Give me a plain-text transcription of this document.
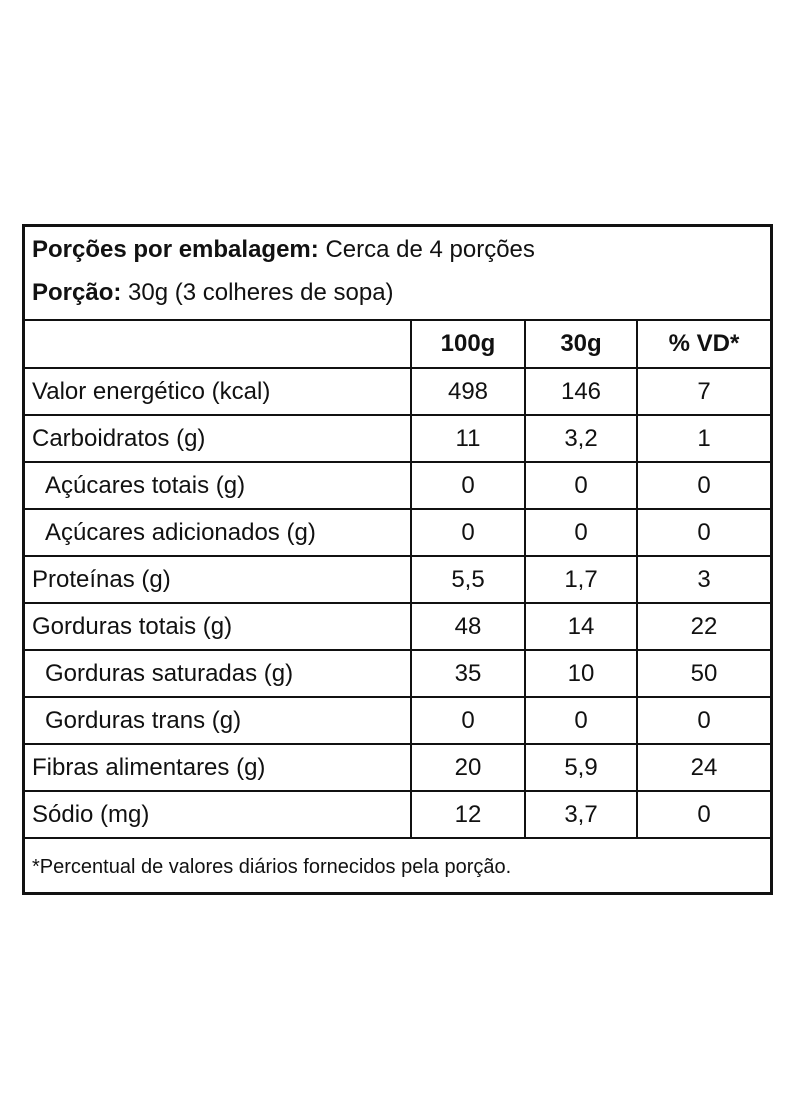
Porções por embalagem: Cerca de 4 porções
Porção: 30g (3 colheres de sopa)
	100g	30g	% VD*
Valor energético (kcal)	498	146	7
Carboidratos (g)	11	3,2	1
Açúcares totais (g)	0	0	0
Açúcares adicionados (g)	0	0	0
Proteínas (g)	5,5	1,7	3
Gorduras totais (g)	48	14	22
Gorduras saturadas (g)	35	10	50
Gorduras trans (g)	0	0	0
Fibras alimentares (g)	20	5,9	24
Sódio (mg)	12	3,7	0
*Percentual de valores diários fornecidos pela porção.
